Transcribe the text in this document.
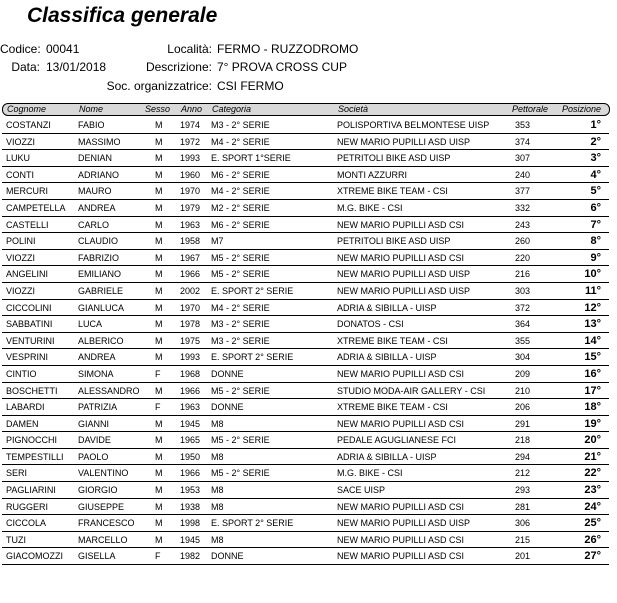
Classifica generale
Codice: 00041
Data: 13/01/2018
Località: FERMO - RUZZODROMO
Descrizione: 7° PROVA CROSS CUP
Soc. organizzatrice: CSI FERMO
Cognome	Nome	Sesso Anno Categoria	Società	Pettorale Posizione
COSTANZI	FABIO	M 1974 M3 - 2° SERIE	POLISPORTIVA BELMONTESE UISP	353	1°
VIOZZI	MASSIMO	M 1972 M4 - 2° SERIE	NEW MARIO PUPILLI ASD UISP	374	2°
LUKU	DENIAN	M 1993 E. SPORT 1°SERIE	PETRITOLI BIKE ASD UISP	307	3°
CONTI	ADRIANO	M 1960 M6 - 2° SERIE	MONTI AZZURRI	240	4°
MERCURI	MAURO	M 1970 M4 - 2° SERIE	XTREME BIKE TEAM - CSI	377	5°
CAMPETELLA ANDREA	M 1979 M2 - 2° SERIE	M.G. BIKE - CSI	332	6°
CASTELLI	CARLO	M 1963 M6 - 2° SERIE	NEW MARIO PUPILLI ASD CSI	243	7°
POLINI	CLAUDIO	M 1958 M7	PETRITOLI BIKE ASD UISP	260	8°
VIOZZI	FABRIZIO	M 1967 M5 - 2° SERIE	NEW MARIO PUPILLI ASD CSI	220	9°
ANGELINI	EMILIANO	M 1966 M5 - 2° SERIE	NEW MARIO PUPILLI ASD UISP	216	10°
VIOZZI	GABRIELE	M 2002 E. SPORT 2° SERIE	NEW MARIO PUPILLI ASD UISP	303	11°
CICCOLINI	GIANLUCA	M 1970 M4 - 2° SERIE	ADRIA & SIBILLA - UISP	372	12°
SABBATINI	LUCA	M 1978 M3 - 2° SERIE	DONATOS - CSI	364	13°
VENTURINI	ALBERICO	M 1975 M3 - 2° SERIE	XTREME BIKE TEAM - CSI	355	14°
VESPRINI	ANDREA	M 1993 E. SPORT 2° SERIE	ADRIA & SIBILLA - UISP	304	15°
CINTIO	SIMONA	F 1968 DONNE	NEW MARIO PUPILLI ASD CSI	209	16°
BOSCHETTI ALESSANDRO M 1966 M5 - 2° SERIE	STUDIO MODA-AIR GALLERY - CSI	210	17°
LABARDI	PATRIZIA	F 1963 DONNE	XTREME BIKE TEAM - CSI	206	18°
DAMEN	GIANNI	M 1945 M8	NEW MARIO PUPILLI ASD CSI	291	19°
PIGNOCCHI DAVIDE	M 1965 M5 - 2° SERIE	PEDALE AGUGLIANESE FCI	218	20°
TEMPESTILLI PAOLO	M 1950 M8	ADRIA & SIBILLA - UISP	294	21°
SERI	VALENTINO	M 1966 M5 - 2° SERIE	M.G. BIKE - CSI	212	22°
PAGLIARINI GIORGIO	M 1953 M8	SACE UISP	293	23°
RUGGERI	GIUSEPPE	M 1938 M8	NEW MARIO PUPILLI ASD CSI	281	24°
CICCOLA	FRANCESCO M 1998 E. SPORT 2° SERIE	NEW MARIO PUPILLI ASD UISP	306	25°
TUZI	MARCELLO	M 1945 M8	NEW MARIO PUPILLI ASD CSI	215	26°
GIACOMOZZI GISELLA	F 1982 DONNE	NEW MARIO PUPILLI ASD CSI	201	27°
